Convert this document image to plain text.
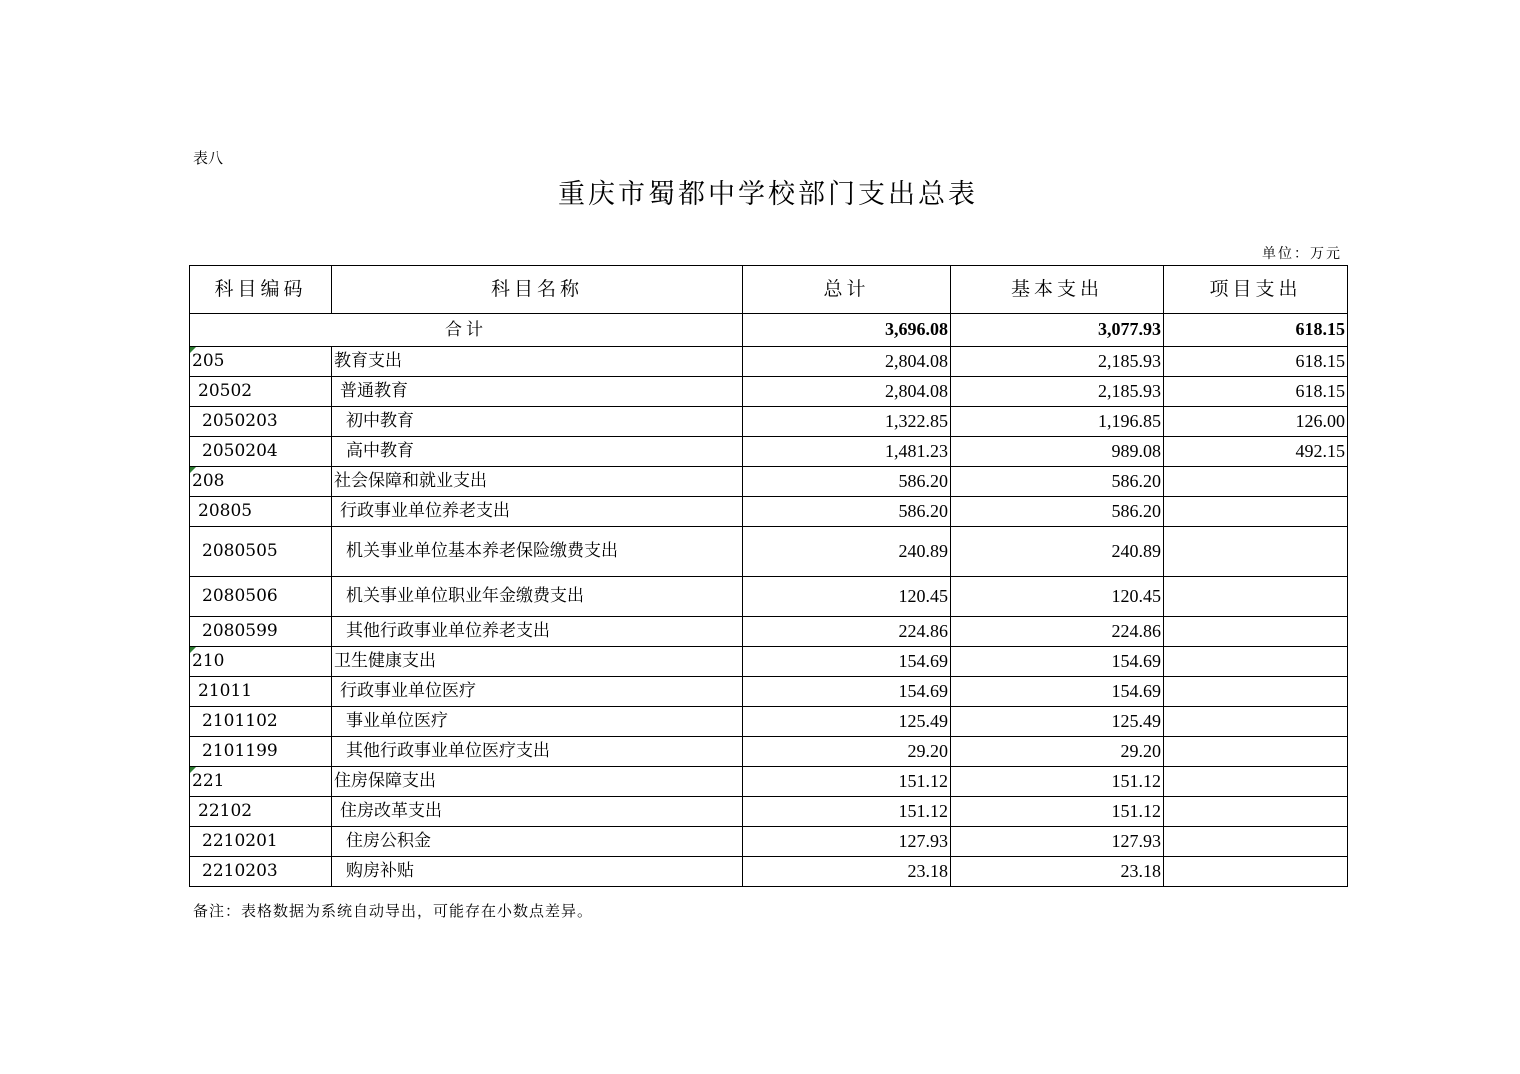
表八
重庆市蜀都中学校部门支出总表
单位：万元
科目编码	科目名称	总计	基本支出	项目支出
合计		3,696.08	3,077.93	618.15

205	教育支出	2,804.08	2,185.93	618.15
20502	普通教育	2,804.08	2,185.93	618.15
2050203	初中教育	1,322.85	1,196.85	126.00
2050204	高中教育	1,481.23	989.08	492.15

208	社会保障和就业支出	586.20	586.20	
20805	行政事业单位养老支出	586.20	586.20	
2080505	机关事业单位基本养老保险缴费支出	240.89	240.89	
2080506	机关事业单位职业年金缴费支出	120.45	120.45	
2080599	其他行政事业单位养老支出	224.86	224.86	

210	卫生健康支出	154.69	154.69	
21011	行政事业单位医疗	154.69	154.69	
2101102	事业单位医疗	125.49	125.49	
2101199	其他行政事业单位医疗支出	29.20	29.20	

221	住房保障支出	151.12	151.12	
22102	住房改革支出	151.12	151.12	
2210201	住房公积金	127.93	127.93	
2210203	购房补贴	23.18	23.18	
备注：表格数据为系统自动导出，可能存在小数点差异。
